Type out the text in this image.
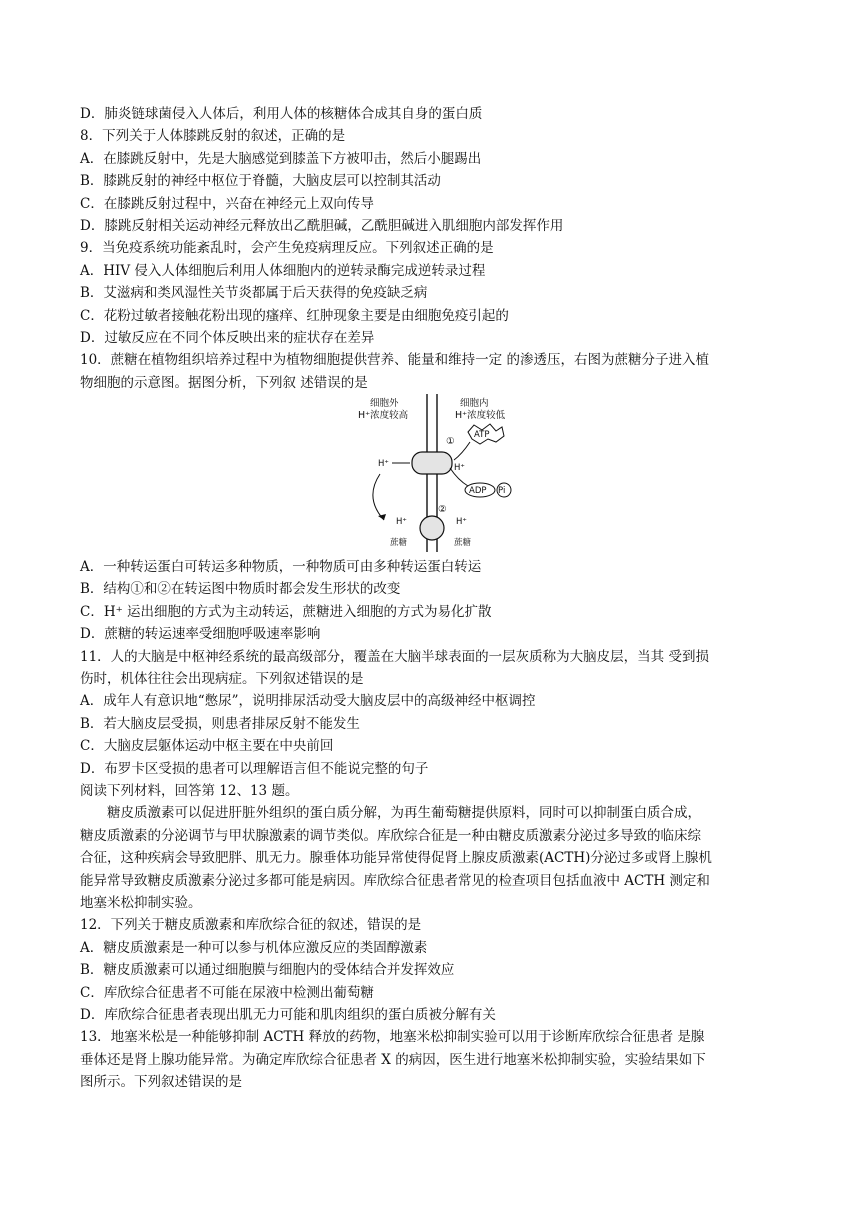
D．肺炎链球菌侵入人体后，利用人体的核糖体合成其自身的蛋白质
8．下列关于人体膝跳反射的叙述，正确的是
A．在膝跳反射中，先是大脑感觉到膝盖下方被叩击，然后小腿踢出
B．膝跳反射的神经中枢位于脊髓，大脑皮层可以控制其活动
C．在膝跳反射过程中，兴奋在神经元上双向传导
D．膝跳反射相关运动神经元释放出乙酰胆碱，乙酰胆碱进入肌细胞内部发挥作用
9．当免疫系统功能紊乱时，会产生免疫病理反应。下列叙述正确的是
A．HIV 侵入人体细胞后利用人体细胞内的逆转录酶完成逆转录过程
B．艾滋病和类风湿性关节炎都属于后天获得的免疫缺乏病
C．花粉过敏者接触花粉出现的瘙痒、红肿现象主要是由细胞免疫引起的
D．过敏反应在不同个体反映出来的症状存在差异
10．蔗糖在植物组织培养过程中为植物细胞提供营养、能量和维持一定 的渗透压，右图为蔗糖分子进入植
物细胞的示意图。据图分析，下列叙 述错误的是
细胞外
H⁺浓度较高
细胞内
H⁺浓度较低
①
ATP
ADP Pi
H⁺	H⁺
②
H⁺	H⁺
蔗糖	蔗糖
A．一种转运蛋白可转运多种物质，一种物质可由多种转运蛋白转运
B．结构①和②在转运图中物质时都会发生形状的改变
C．H⁺ 运出细胞的方式为主动转运，蔗糖进入细胞的方式为易化扩散
D．蔗糖的转运速率受细胞呼吸速率影响
11．人的大脑是中枢神经系统的最高级部分，覆盖在大脑半球表面的一层灰质称为大脑皮层，当其 受到损
伤时，机体往往会出现病症。下列叙述错误的是
A．成年人有意识地“憋尿”，说明排尿活动受大脑皮层中的高级神经中枢调控
B．若大脑皮层受损，则患者排尿反射不能发生
C．大脑皮层躯体运动中枢主要在中央前回
D．布罗卡区受损的患者可以理解语言但不能说完整的句子
阅读下列材料，回答第 12、13 题。
糖皮质激素可以促进肝脏外组织的蛋白质分解，为再生葡萄糖提供原料，同时可以抑制蛋白质合成，
糖皮质激素的分泌调节与甲状腺激素的调节类似。库欣综合征是一种由糖皮质激素分泌过多导致的临床综
合征，这种疾病会导致肥胖、肌无力。腺垂体功能异常使得促肾上腺皮质激素(ACTH)分泌过多或肾上腺机
能异常导致糖皮质激素分泌过多都可能是病因。库欣综合征患者常见的检查项目包括血液中 ACTH 测定和
地塞米松抑制实验。
12．下列关于糖皮质激素和库欣综合征的叙述，错误的是
A．糖皮质激素是一种可以参与机体应激反应的类固醇激素
B．糖皮质激素可以通过细胞膜与细胞内的受体结合并发挥效应
C．库欣综合征患者不可能在尿液中检测出葡萄糖
D．库欣综合征患者表现出肌无力可能和肌肉组织的蛋白质被分解有关
13．地塞米松是一种能够抑制 ACTH 释放的药物，地塞米松抑制实验可以用于诊断库欣综合征患者 是腺
垂体还是肾上腺功能异常。为确定库欣综合征患者 X 的病因，医生进行地塞米松抑制实验，实验结果如下
图所示。下列叙述错误的是
